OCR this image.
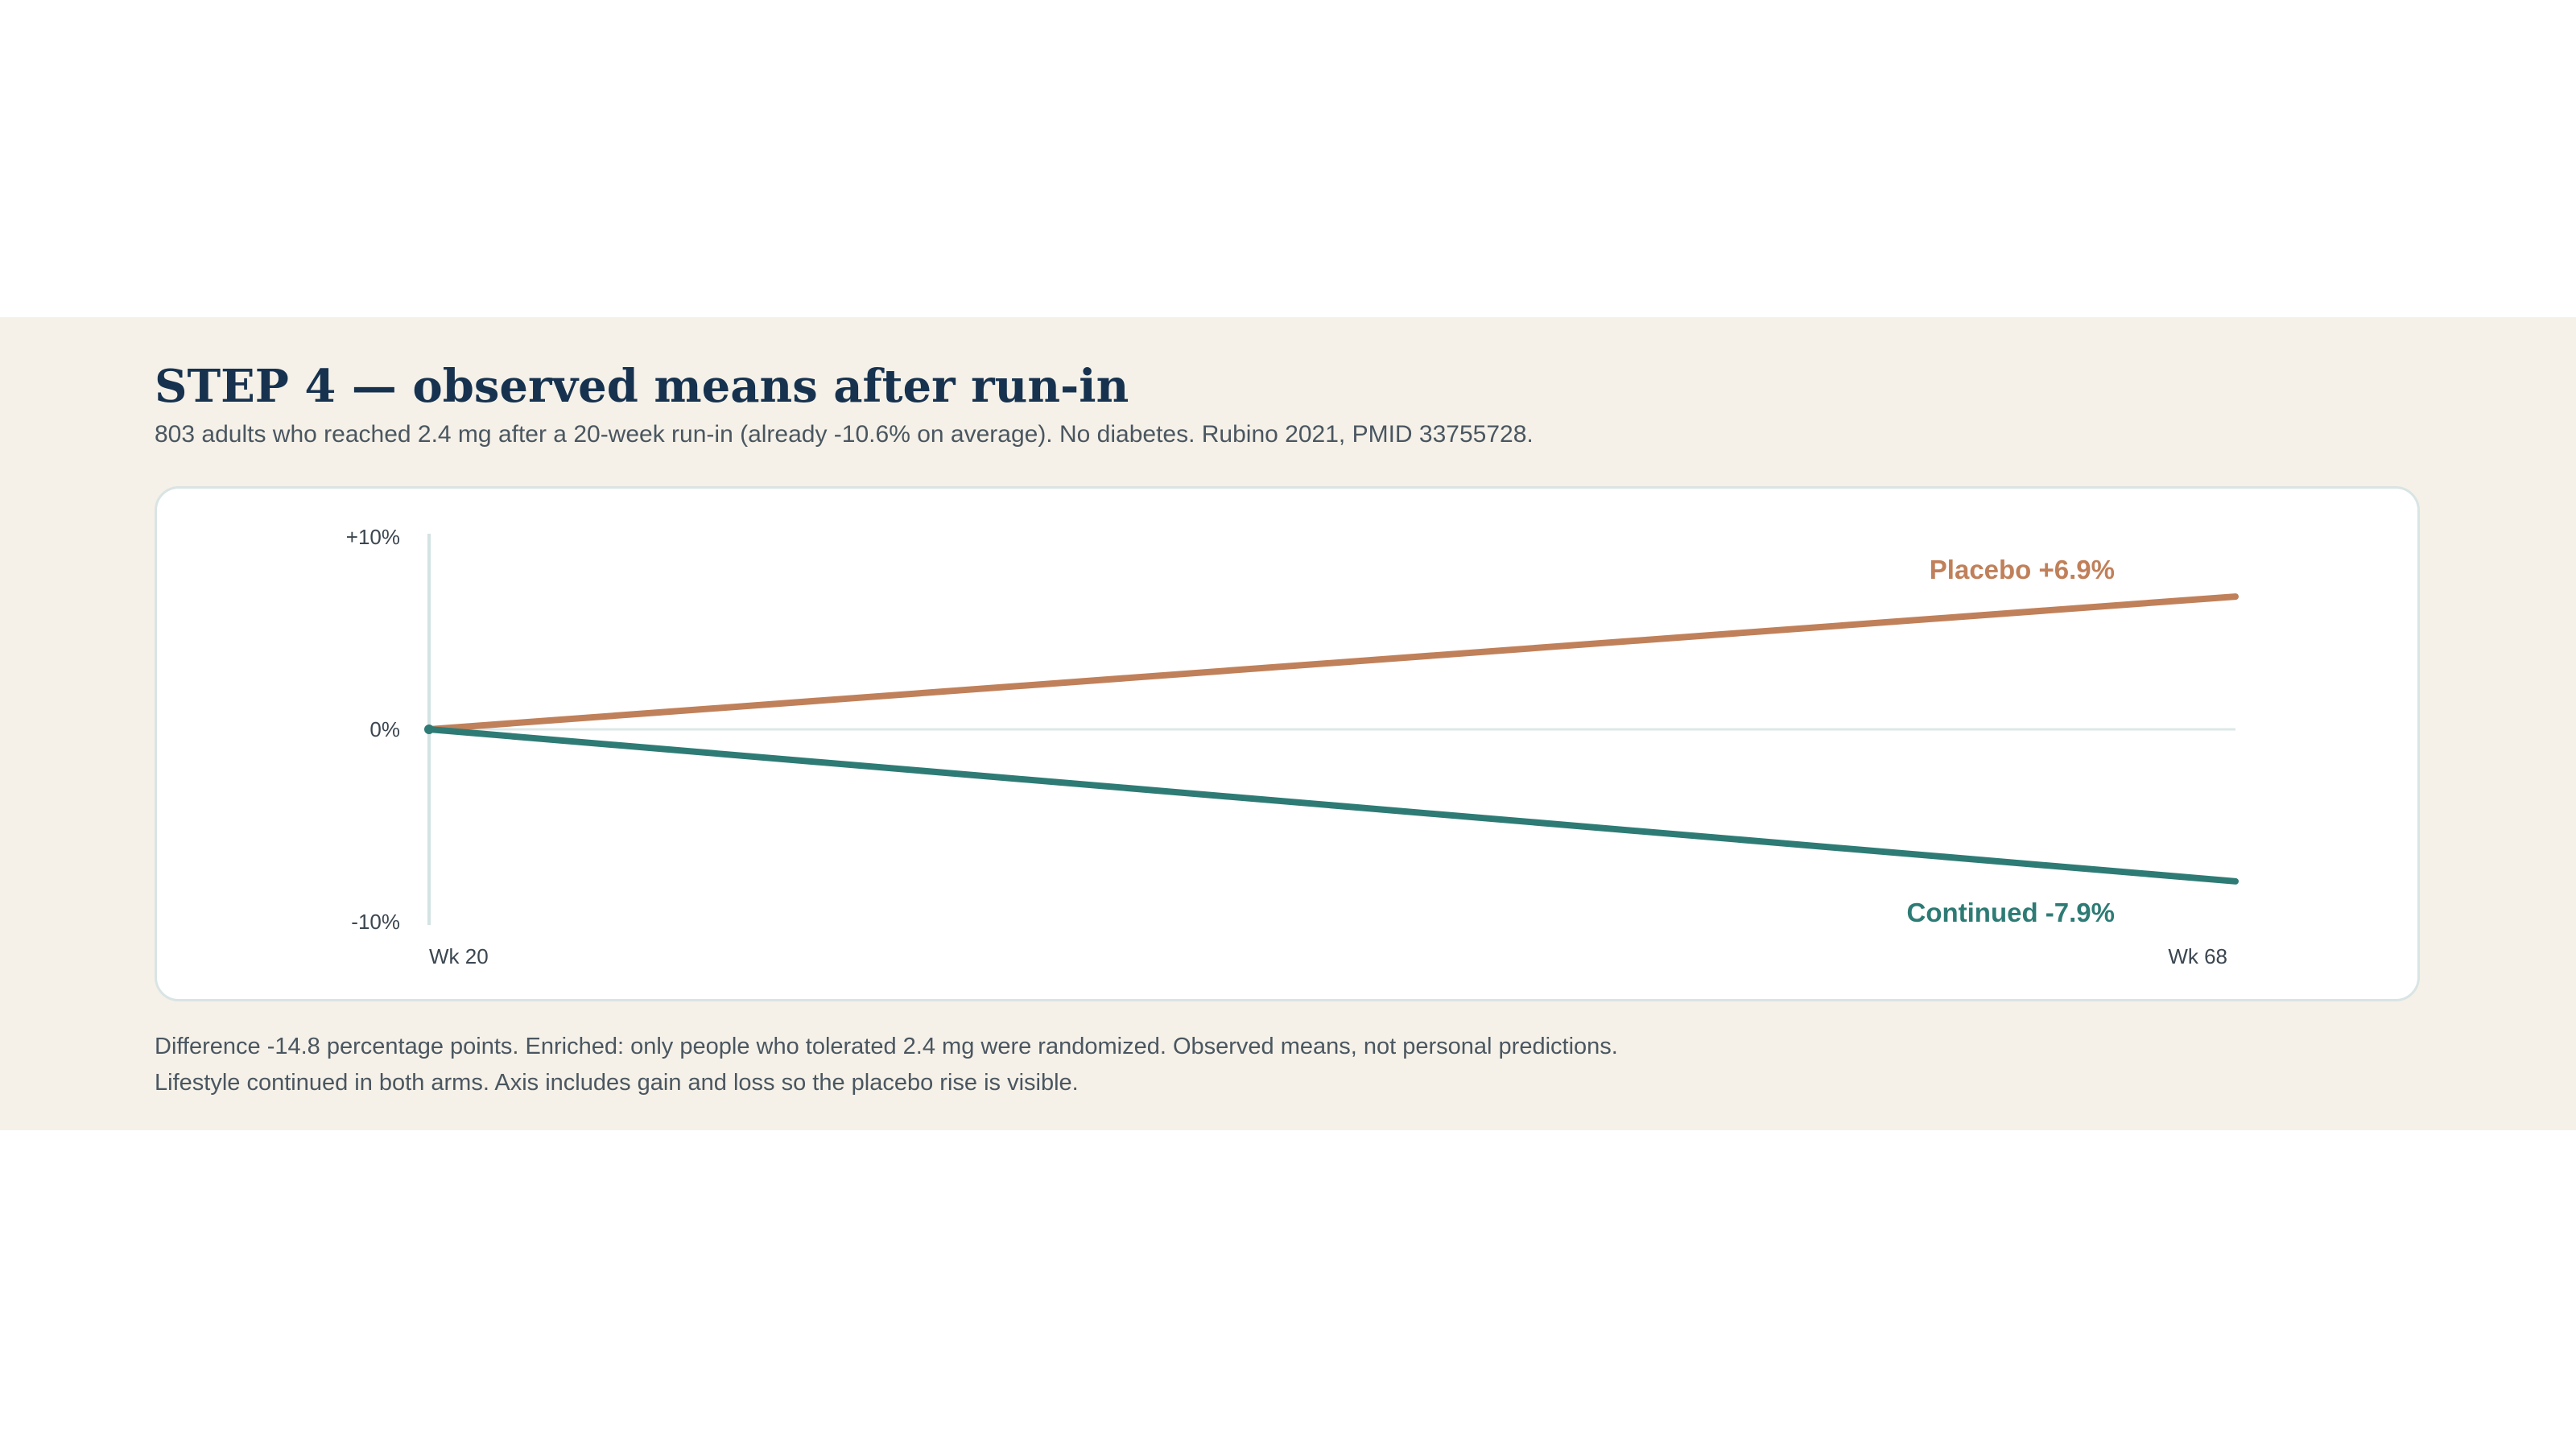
STEP 4 — observed means after run-in

803 adults who reached 2.4 mg after a 20-week run-in (already -10.6% on average). No diabetes. Rubino 2021, PMID 33755728.

+10%
0%
-10%
Wk 20	Wk 68
Placebo +6.9%
Continued -7.9%

Difference -14.8 percentage points. Enriched: only people who tolerated 2.4 mg were randomized. Observed means, not personal predictions.

Lifestyle continued in both arms. Axis includes gain and loss so the placebo rise is visible.
